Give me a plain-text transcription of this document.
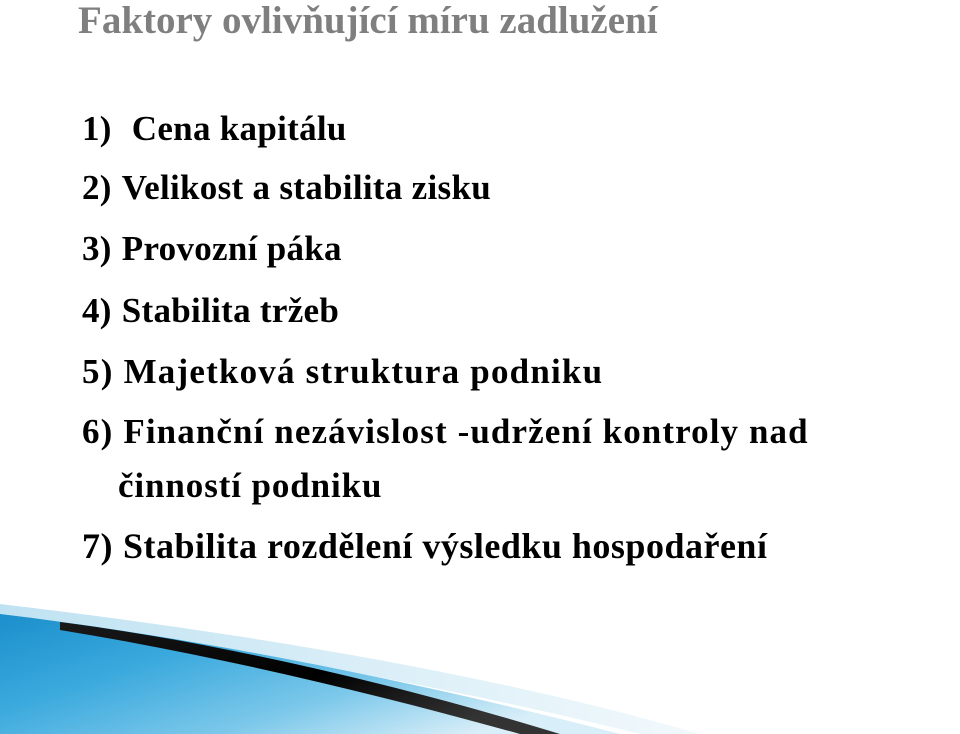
Faktory ovlivňující míru zadlužení
1) Cena kapitálu
2) Velikost a stabilita zisku
3) Provozní páka
4) Stabilita tržeb
5) Majetková struktura podniku
6) Finanční nezávislost -udržení kontroly nad
činností podniku
7) Stabilita rozdělení výsledku hospodaření
